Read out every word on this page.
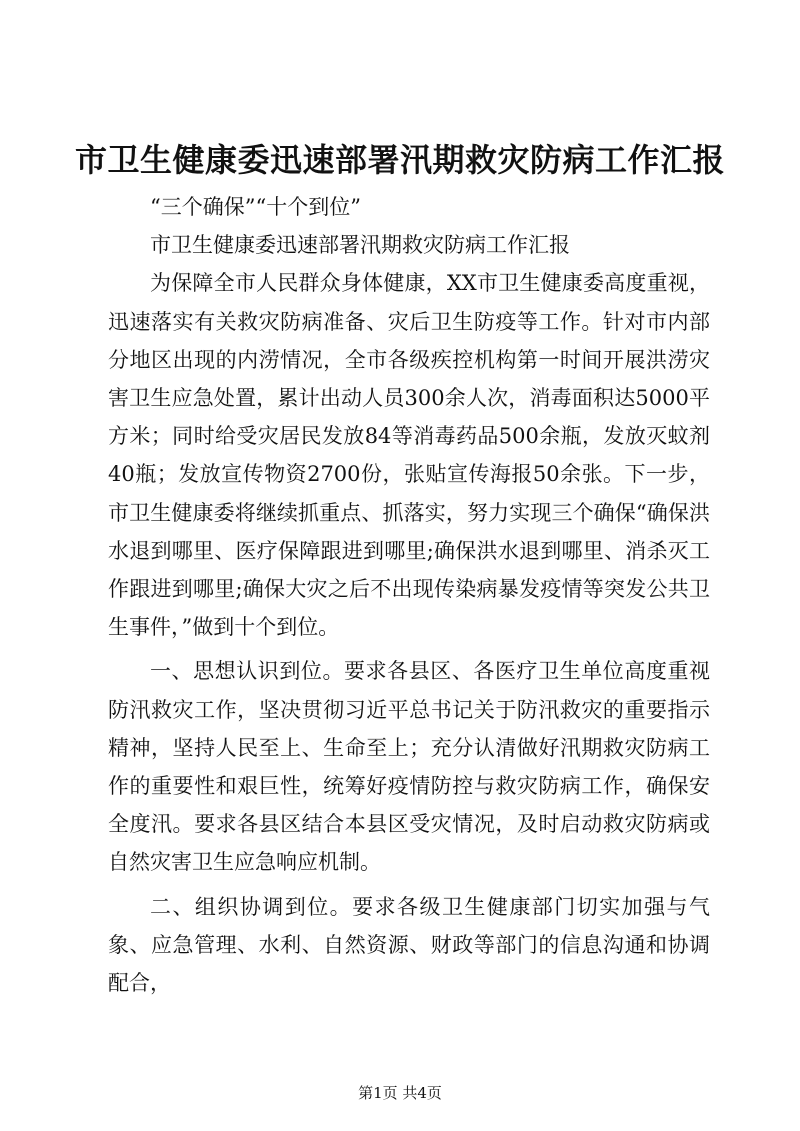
市卫生健康委迅速部署汛期救灾防病工作汇报

“三个确保”“十个到位”

市卫生健康委迅速部署汛期救灾防病工作汇报

为保障全市人民群众身体健康，XX市卫生健康委高度重视，迅速落实有关救灾防病准备、灾后卫生防疫等工作。针对市内部分地区出现的内涝情况，全市各级疾控机构第一时间开展洪涝灾害卫生应急处置，累计出动人员300余人次，消毒面积达5000平方米；同时给受灾居民发放84等消毒药品500余瓶，发放灭蚊剂40瓶；发放宣传物资2700份，张贴宣传海报50余张。下一步，市卫生健康委将继续抓重点、抓落实，努力实现三个确保“确保洪水退到哪里、医疗保障跟进到哪里;确保洪水退到哪里、消杀灭工作跟进到哪里;确保大灾之后不出现传染病暴发疫情等突发公共卫生事件，”做到十个到位。

一、思想认识到位。要求各县区、各医疗卫生单位高度重视防汛救灾工作，坚决贯彻习近平总书记关于防汛救灾的重要指示精神，坚持人民至上、生命至上；充分认清做好汛期救灾防病工作的重要性和艰巨性，统筹好疫情防控与救灾防病工作，确保安全度汛。要求各县区结合本县区受灾情况，及时启动救灾防病或自然灾害卫生应急响应机制。

二、组织协调到位。要求各级卫生健康部门切实加强与气象、应急管理、水利、自然资源、财政等部门的信息沟通和协调配合，

第1页 共4页
